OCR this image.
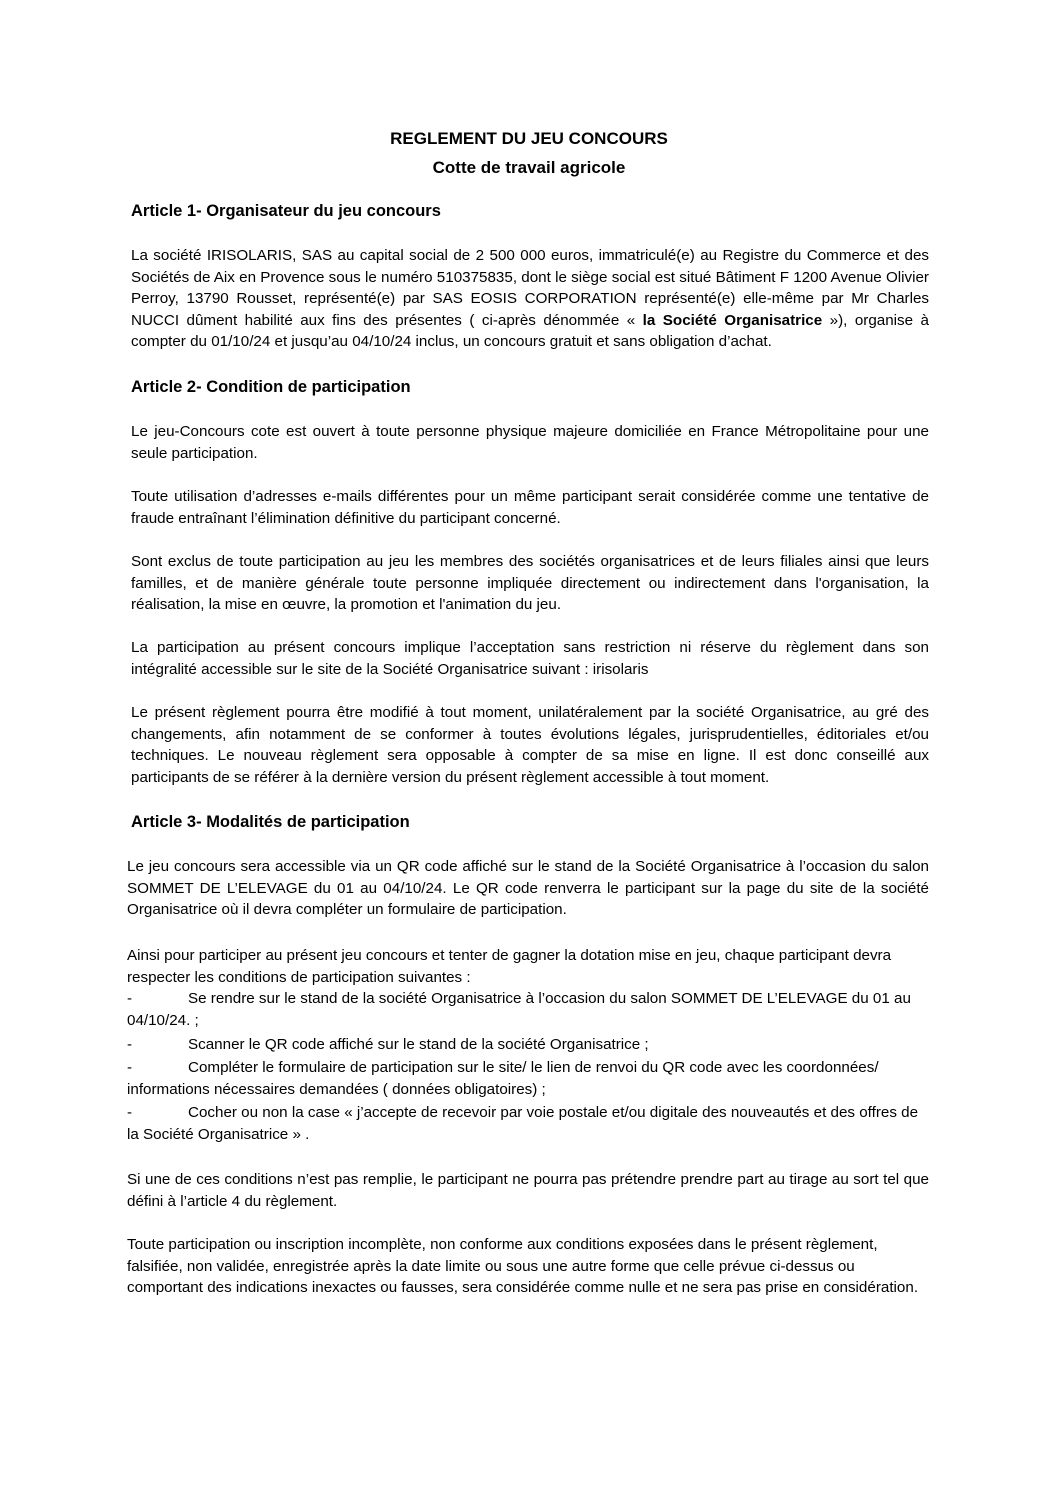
REGLEMENT DU JEU CONCOURS
Cotte de travail agricole
Article 1- Organisateur du jeu concours
La société IRISOLARIS, SAS au capital social de 2 500 000 euros, immatriculé(e) au Registre du Commerce et des Sociétés de Aix en Provence sous le numéro 510375835, dont le siège social est situé Bâtiment F 1200 Avenue Olivier Perroy, 13790 Rousset, représenté(e) par SAS EOSIS CORPORATION représenté(e) elle-même par Mr Charles NUCCI dûment habilité aux fins des présentes ( ci-après dénommée « la Société Organisatrice »), organise à compter du 01/10/24 et jusqu’au 04/10/24 inclus, un concours gratuit et sans obligation d’achat.
Article 2- Condition de participation
Le jeu-Concours cote est ouvert à toute personne physique majeure domiciliée en France Métropolitaine pour une seule participation.
Toute utilisation d’adresses e-mails différentes pour un même participant serait considérée comme une tentative de fraude entraînant l’élimination définitive du participant concerné.
Sont exclus de toute participation au jeu les membres des sociétés organisatrices et de leurs filiales ainsi que leurs familles, et de manière générale toute personne impliquée directement ou indirectement dans l'organisation, la réalisation, la mise en œuvre, la promotion et l'animation du jeu.
La participation au présent concours implique l’acceptation sans restriction ni réserve du règlement dans son intégralité accessible sur le site de la Société Organisatrice suivant : irisolaris
Le présent règlement pourra être modifié à tout moment, unilatéralement par la société Organisatrice, au gré des changements, afin notamment de se conformer à toutes évolutions légales, jurisprudentielles, éditoriales et/ou techniques. Le nouveau règlement sera opposable à compter de sa mise en ligne. Il est donc conseillé aux participants de se référer à la dernière version du présent règlement accessible à tout moment.
Article 3- Modalités de participation
Le jeu concours sera accessible via un QR code affiché sur le stand de la Société Organisatrice à l’occasion du salon SOMMET DE L’ELEVAGE du 01 au 04/10/24. Le QR code renverra le participant sur la page du site de la société Organisatrice où il devra compléter un formulaire de participation.
Ainsi pour participer au présent jeu concours et tenter de gagner la dotation mise en jeu, chaque participant devra respecter les conditions de participation suivantes :
-	Se rendre sur le stand de la société Organisatrice à l’occasion du salon SOMMET DE L’ELEVAGE du 01 au 04/10/24. ;
-	Scanner le QR code affiché sur le stand de la société Organisatrice ;
-	Compléter le formulaire de participation sur le site/ le lien de renvoi du QR code avec les coordonnées/ informations nécessaires demandées ( données obligatoires) ;
-	Cocher ou non la case « j’accepte de recevoir par voie postale et/ou digitale des nouveautés et des offres de la Société Organisatrice » .
Si une de ces conditions n’est pas remplie, le participant ne pourra pas prétendre prendre part au tirage au sort tel que défini à l’article 4 du règlement.
Toute participation ou inscription incomplète, non conforme aux conditions exposées dans le présent règlement, falsifiée, non validée, enregistrée après la date limite ou sous une autre forme que celle prévue ci-dessus ou comportant des indications inexactes ou fausses, sera considérée comme nulle et ne sera pas prise en considération.
